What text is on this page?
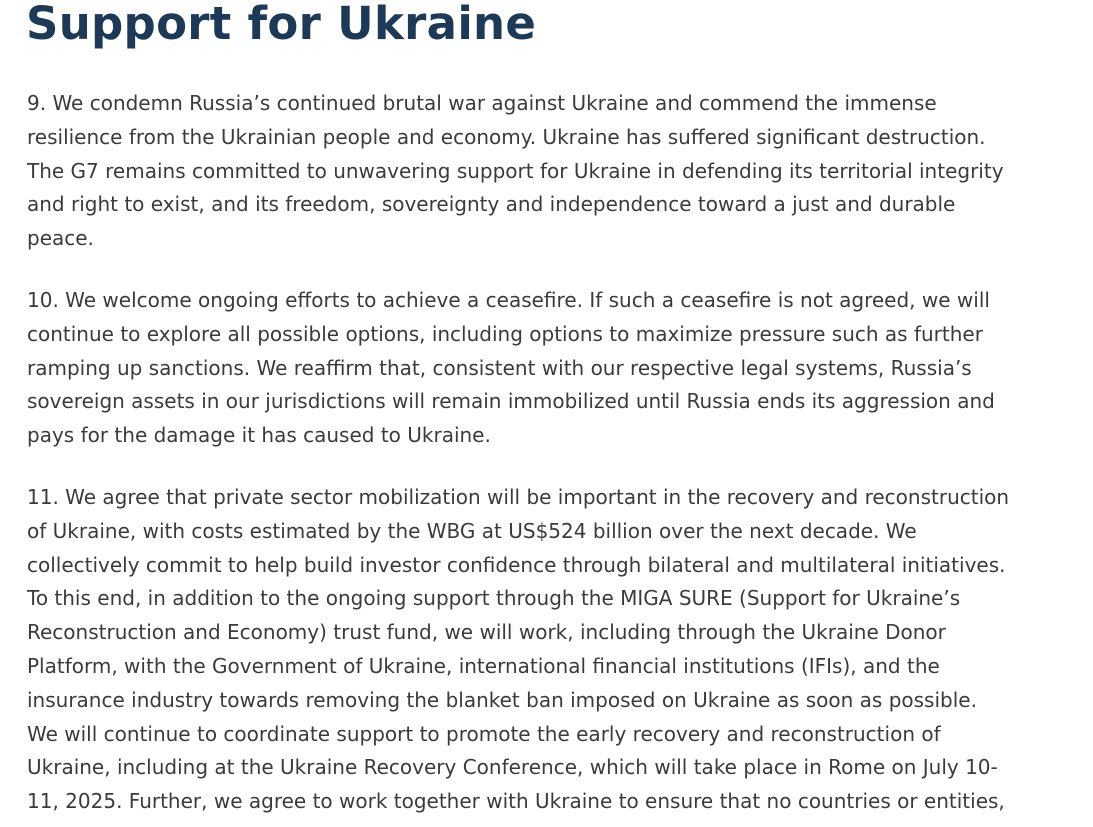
Support for Ukraine

9. We condemn Russia’s continued brutal war against Ukraine and commend the immense
resilience from the Ukrainian people and economy. Ukraine has suffered significant destruction.
The G7 remains committed to unwavering support for Ukraine in defending its territorial integrity
and right to exist, and its freedom, sovereignty and independence toward a just and durable
peace.

10. We welcome ongoing efforts to achieve a ceasefire. If such a ceasefire is not agreed, we will
continue to explore all possible options, including options to maximize pressure such as further
ramping up sanctions. We reaffirm that, consistent with our respective legal systems, Russia’s
sovereign assets in our jurisdictions will remain immobilized until Russia ends its aggression and
pays for the damage it has caused to Ukraine.

11. We agree that private sector mobilization will be important in the recovery and reconstruction
of Ukraine, with costs estimated by the WBG at US$524 billion over the next decade. We
collectively commit to help build investor confidence through bilateral and multilateral initiatives.
To this end, in addition to the ongoing support through the MIGA SURE (Support for Ukraine’s
Reconstruction and Economy) trust fund, we will work, including through the Ukraine Donor
Platform, with the Government of Ukraine, international financial institutions (IFIs), and the
insurance industry towards removing the blanket ban imposed on Ukraine as soon as possible.
We will continue to coordinate support to promote the early recovery and reconstruction of
Ukraine, including at the Ukraine Recovery Conference, which will take place in Rome on July 10-
11, 2025. Further, we agree to work together with Ukraine to ensure that no countries or entities,
